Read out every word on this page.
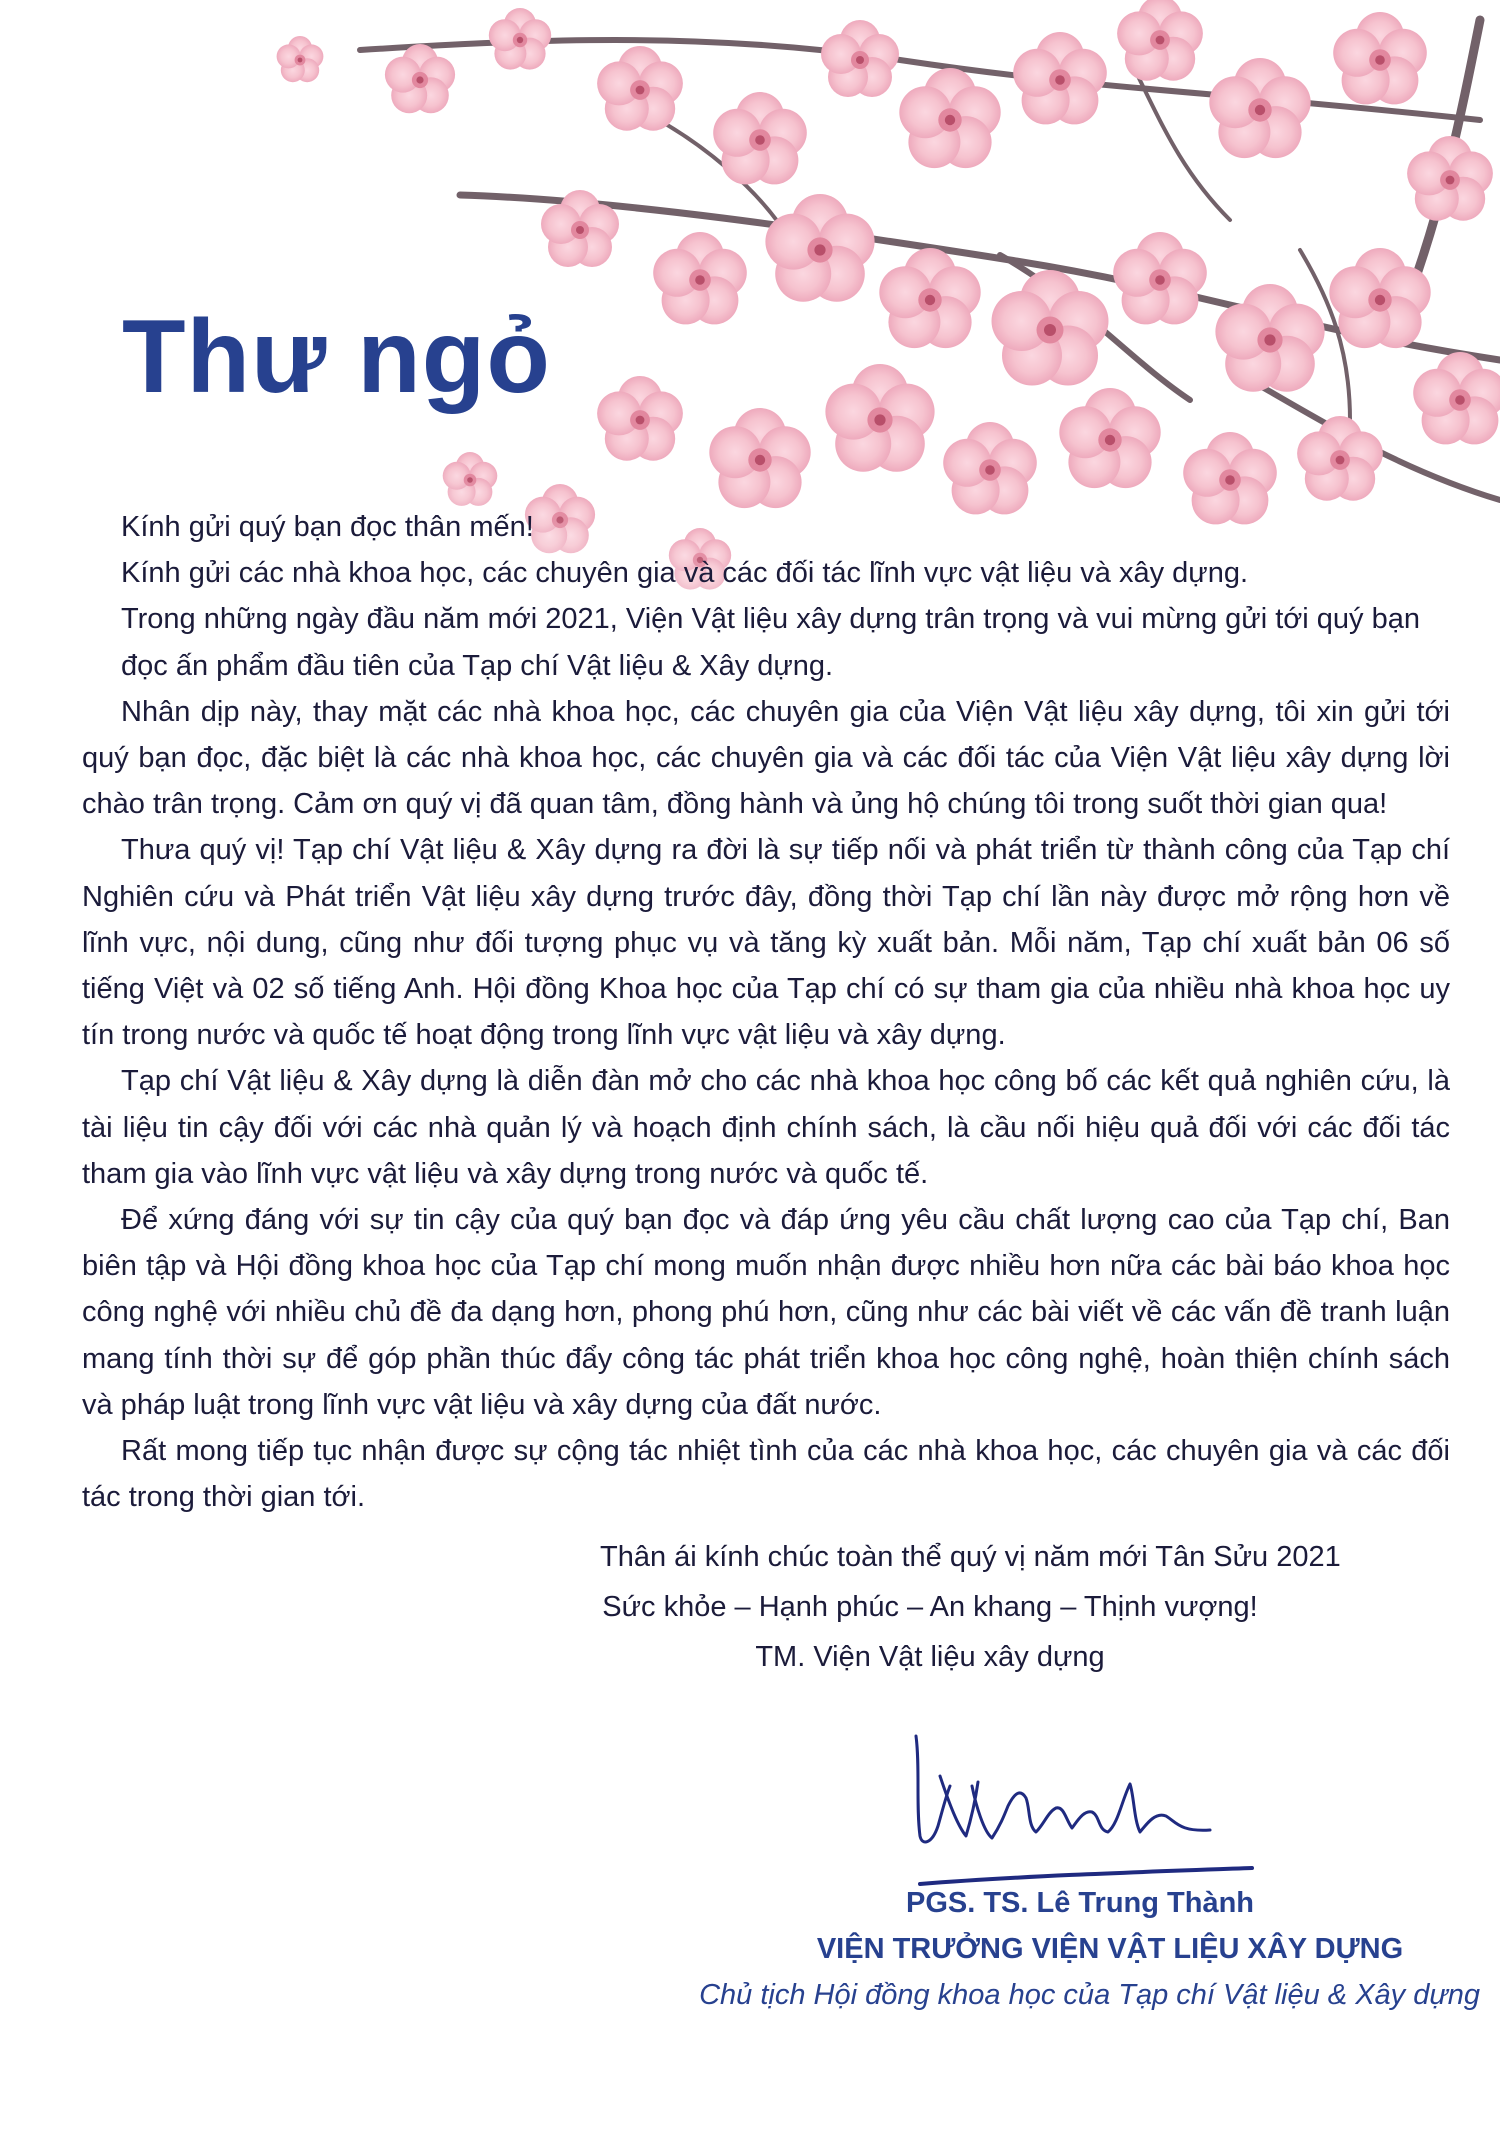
Thư ngỏ

Kính gửi quý bạn đọc thân mến!

Kính gửi các nhà khoa học, các chuyên gia và các đối tác lĩnh vực vật liệu và xây dựng.

Trong những ngày đầu năm mới 2021, Viện Vật liệu xây dựng trân trọng và vui mừng gửi tới quý bạn đọc ấn phẩm đầu tiên của Tạp chí Vật liệu & Xây dựng.

Nhân dịp này, thay mặt các nhà khoa học, các chuyên gia của Viện Vật liệu xây dựng, tôi xin gửi tới quý bạn đọc, đặc biệt là các nhà khoa học, các chuyên gia và các đối tác của Viện Vật liệu xây dựng lời chào trân trọng. Cảm ơn quý vị đã quan tâm, đồng hành và ủng hộ chúng tôi trong suốt thời gian qua!

Thưa quý vị! Tạp chí Vật liệu & Xây dựng ra đời là sự tiếp nối và phát triển từ thành công của Tạp chí Nghiên cứu và Phát triển Vật liệu xây dựng trước đây, đồng thời Tạp chí lần này được mở rộng hơn về lĩnh vực, nội dung, cũng như đối tượng phục vụ và tăng kỳ xuất bản. Mỗi năm, Tạp chí xuất bản 06 số tiếng Việt và 02 số tiếng Anh. Hội đồng Khoa học của Tạp chí có sự tham gia của nhiều nhà khoa học uy tín trong nước và quốc tế hoạt động trong lĩnh vực vật liệu và xây dựng.

Tạp chí Vật liệu & Xây dựng là diễn đàn mở cho các nhà khoa học công bố các kết quả nghiên cứu, là tài liệu tin cậy đối với các nhà quản lý và hoạch định chính sách, là cầu nối hiệu quả đối với các đối tác tham gia vào lĩnh vực vật liệu và xây dựng trong nước và quốc tế.

Để xứng đáng với sự tin cậy của quý bạn đọc và đáp ứng yêu cầu chất lượng cao của Tạp chí, Ban biên tập và Hội đồng khoa học của Tạp chí mong muốn nhận được nhiều hơn nữa các bài báo khoa học công nghệ với nhiều chủ đề đa dạng hơn, phong phú hơn, cũng như các bài viết về các vấn đề tranh luận mang tính thời sự để góp phần thúc đẩy công tác phát triển khoa học công nghệ, hoàn thiện chính sách và pháp luật trong lĩnh vực vật liệu và xây dựng của đất nước.

Rất mong tiếp tục nhận được sự cộng tác nhiệt tình của các nhà khoa học, các chuyên gia và các đối tác trong thời gian tới.

Thân ái kính chúc toàn thể quý vị năm mới Tân Sửu 2021
Sức khỏe – Hạnh phúc – An khang – Thịnh vượng!
TM. Viện Vật liệu xây dựng
PGS. TS. Lê Trung Thành
VIỆN TRƯỞNG VIỆN VẬT LIỆU XÂY DỰNG
Chủ tịch Hội đồng khoa học của Tạp chí Vật liệu & Xây dựng
